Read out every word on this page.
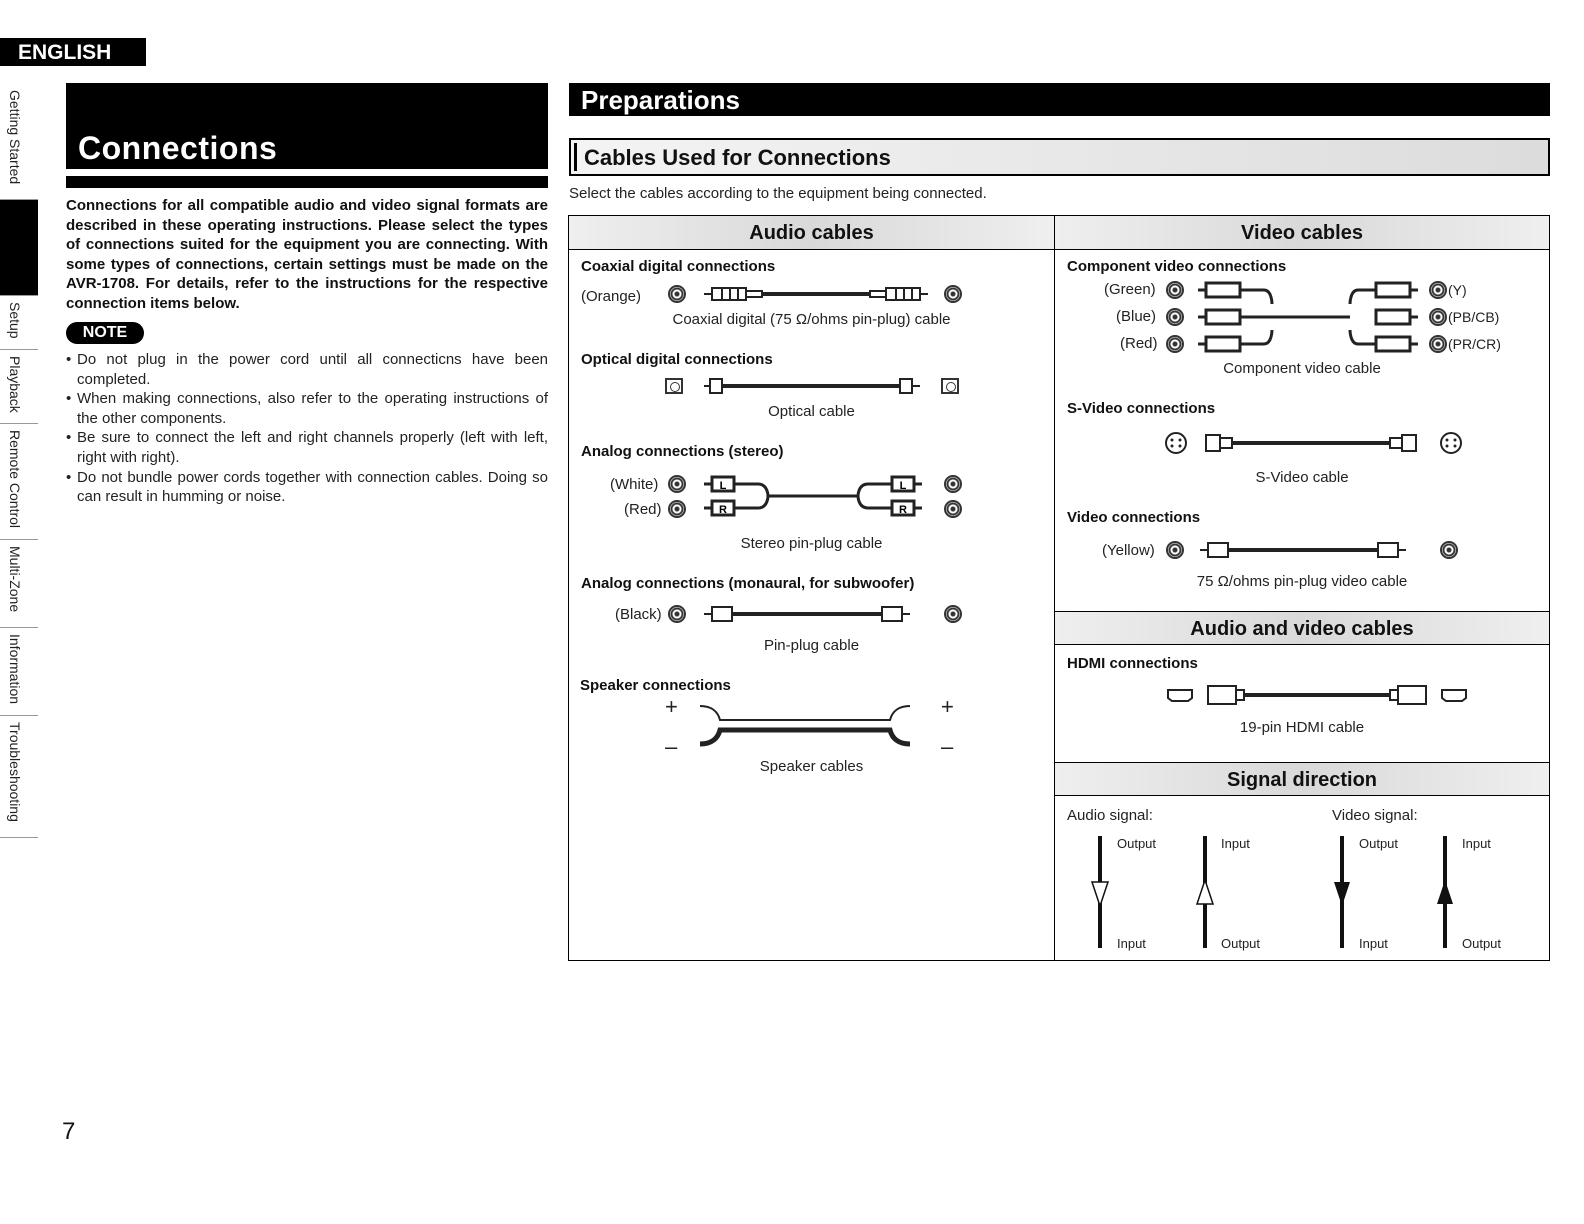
ENGLISH
Getting Started
Setup
Playback
Remote Control
Multi-Zone
Information
Troubleshooting
Connections
Connections for all compatible audio and video signal formats are described in these operating instructions. Please select the types of connections suited for the equipment you are connecting. With some types of connections, certain settings must be made on the AVR-1708. For details, refer to the instructions for the respective connection items below.
NOTE
• Do not plug in the power cord until all connecticns have been completed.
• When making connections, also refer to the operating instructions of the other components.
• Be sure to connect the left and right channels properly (left with left, right with right).
• Do not bundle power cords together with connection cables. Doing so can result in humming or noise.
Preparations
Cables Used for Connections
Select the cables according to the equipment being connected.
Audio cables
Coaxial digital connections
(Orange)
Coaxial digital (75 Ω/ohms pin-plug) cable
Optical digital connections
Optical cable
Analog connections (stereo)
(White)
(Red)
L
R
L
R
Stereo pin-plug cable
Analog connections (monaural, for subwoofer)
(Black)
Pin-plug cable
Speaker connections
+
–
+
–
Speaker cables
Video cables
Component video connections
(Green)
(Blue)
(Red)
(Y)
(PB/CB)
(PR/CR)
Component video cable
S-Video connections
S-Video cable
Video connections
(Yellow)
75 Ω/ohms pin-plug video cable
Audio and video cables
HDMI connections
19-pin HDMI cable
Signal direction
Audio signal:	Video signal:
Output
Input
Input
Output
Output
Input
Input
Output
7
